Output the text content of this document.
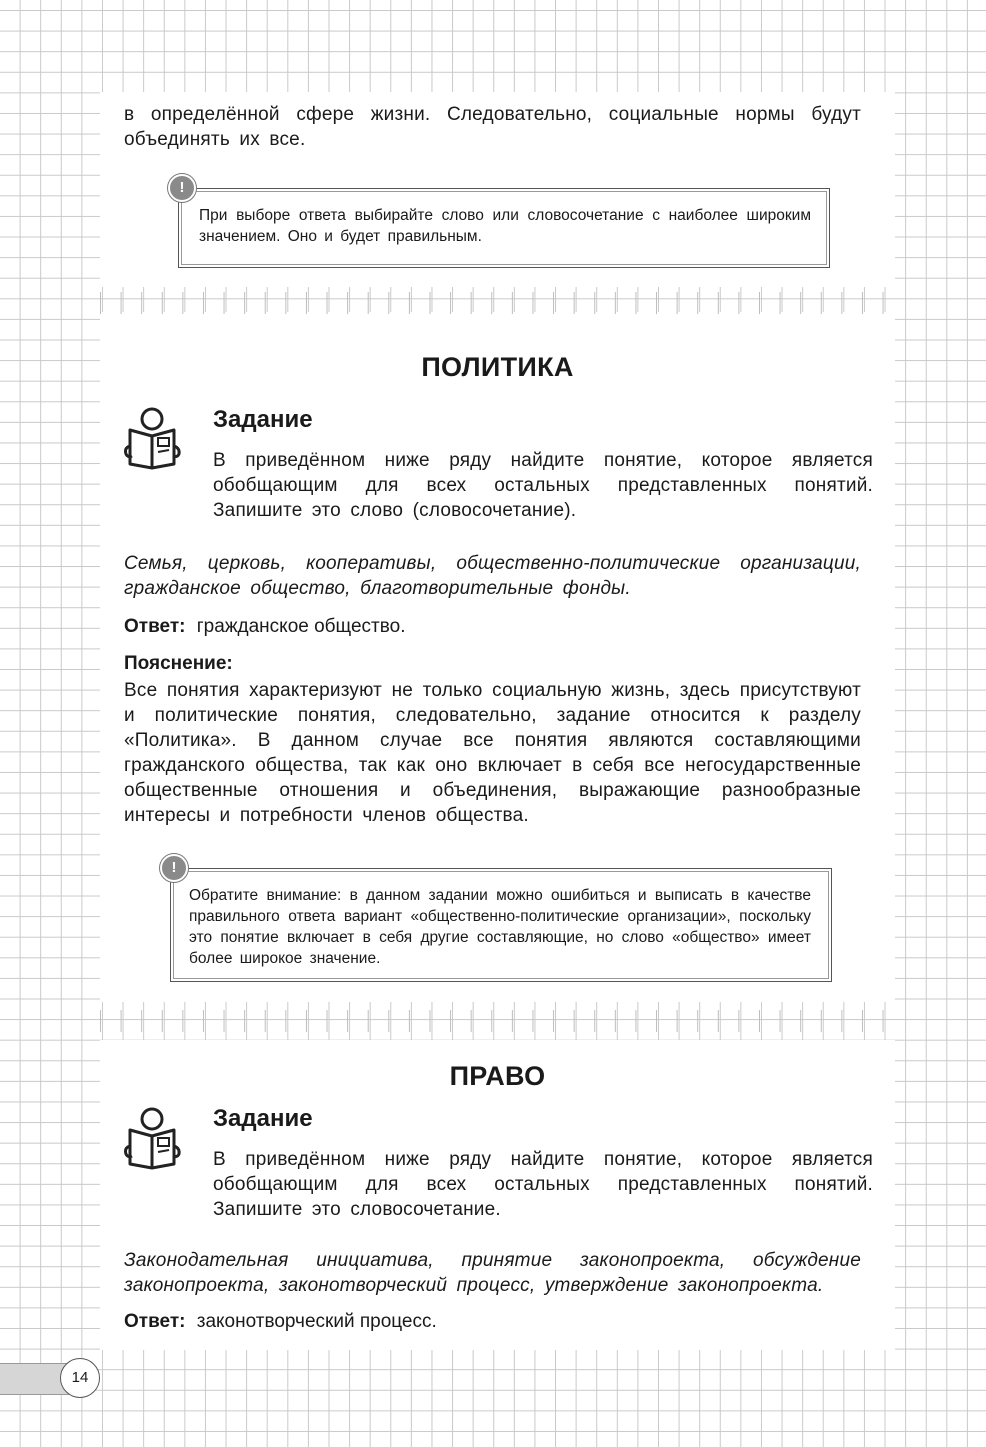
в определённой сфере жизни. Следовательно, социальные нормы будут объединять их все.

При выборе ответа выбирайте слово или словосочетание с наиболее широким значением. Оно и будет правильным.

!
ПОЛИТИКА
Задание

В приведённом ниже ряду найдите понятие, которое является обобщающим для всех остальных представленных понятий. Запишите это слово (словосочетание).

Семья, церковь, кооперативы, общественно-политические организации, гражданское общество, благотворительные фонды.

Ответ: гражданское общество.
Пояснение:

Все понятия характеризуют не только социальную жизнь, здесь присутствуют и политические понятия, следовательно, задание относится к разделу «Политика». В данном случае все понятия являются составляющими гражданского общества, так как оно включает в себя все негосударственные общественные отношения и объединения, выражающие разнообразные интересы и потребности членов общества.

Обратите внимание: в данном задании можно ошибиться и выписать в качестве правильного ответа вариант «общественно-политические организации», поскольку это понятие включает в себя другие составляющие, но слово «общество» имеет более широкое значение.

!
ПРАВО
Задание

В приведённом ниже ряду найдите понятие, которое является обобщающим для всех остальных представленных понятий. Запишите это словосочетание.

Законодательная инициатива, принятие законопроекта, обсуждение законопроекта, законотворческий процесс, утверждение законопроекта.

Ответ: законотворческий процесс.
14
